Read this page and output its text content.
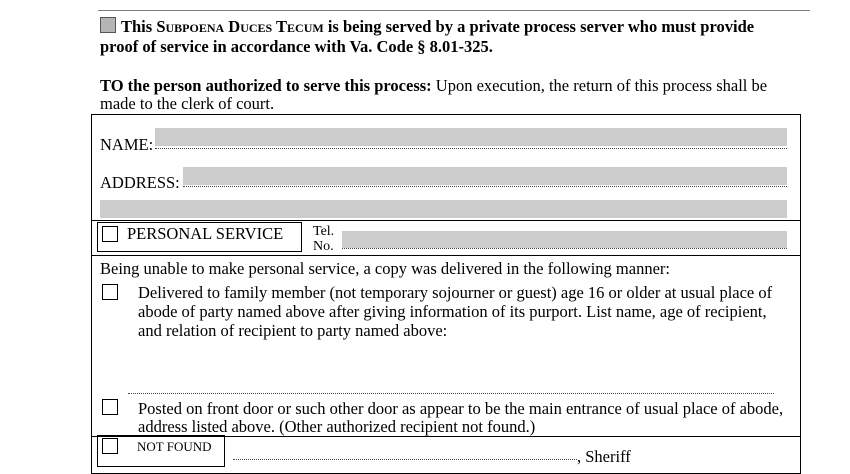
This Subpoena Duces Tecum is being served by a private process server who must provide
proof of service in accordance with Va. Code § 8.01-325.
TO the person authorized to serve this process: Upon execution, the return of this process shall be
made to the clerk of court.
NAME:
ADDRESS:
PERSONAL SERVICE Tel.
No.
Being unable to make personal service, a copy was delivered in the following manner:
Delivered to family member (not temporary sojourner or guest) age 16 or older at usual place of
abode of party named above after giving information of its purport. List name, age of recipient,
and relation of recipient to party named above:
Posted on front door or such other door as appear to be the main entrance of usual place of abode,
address listed above. (Other authorized recipient not found.)
NOT FOUND
, Sheriff
